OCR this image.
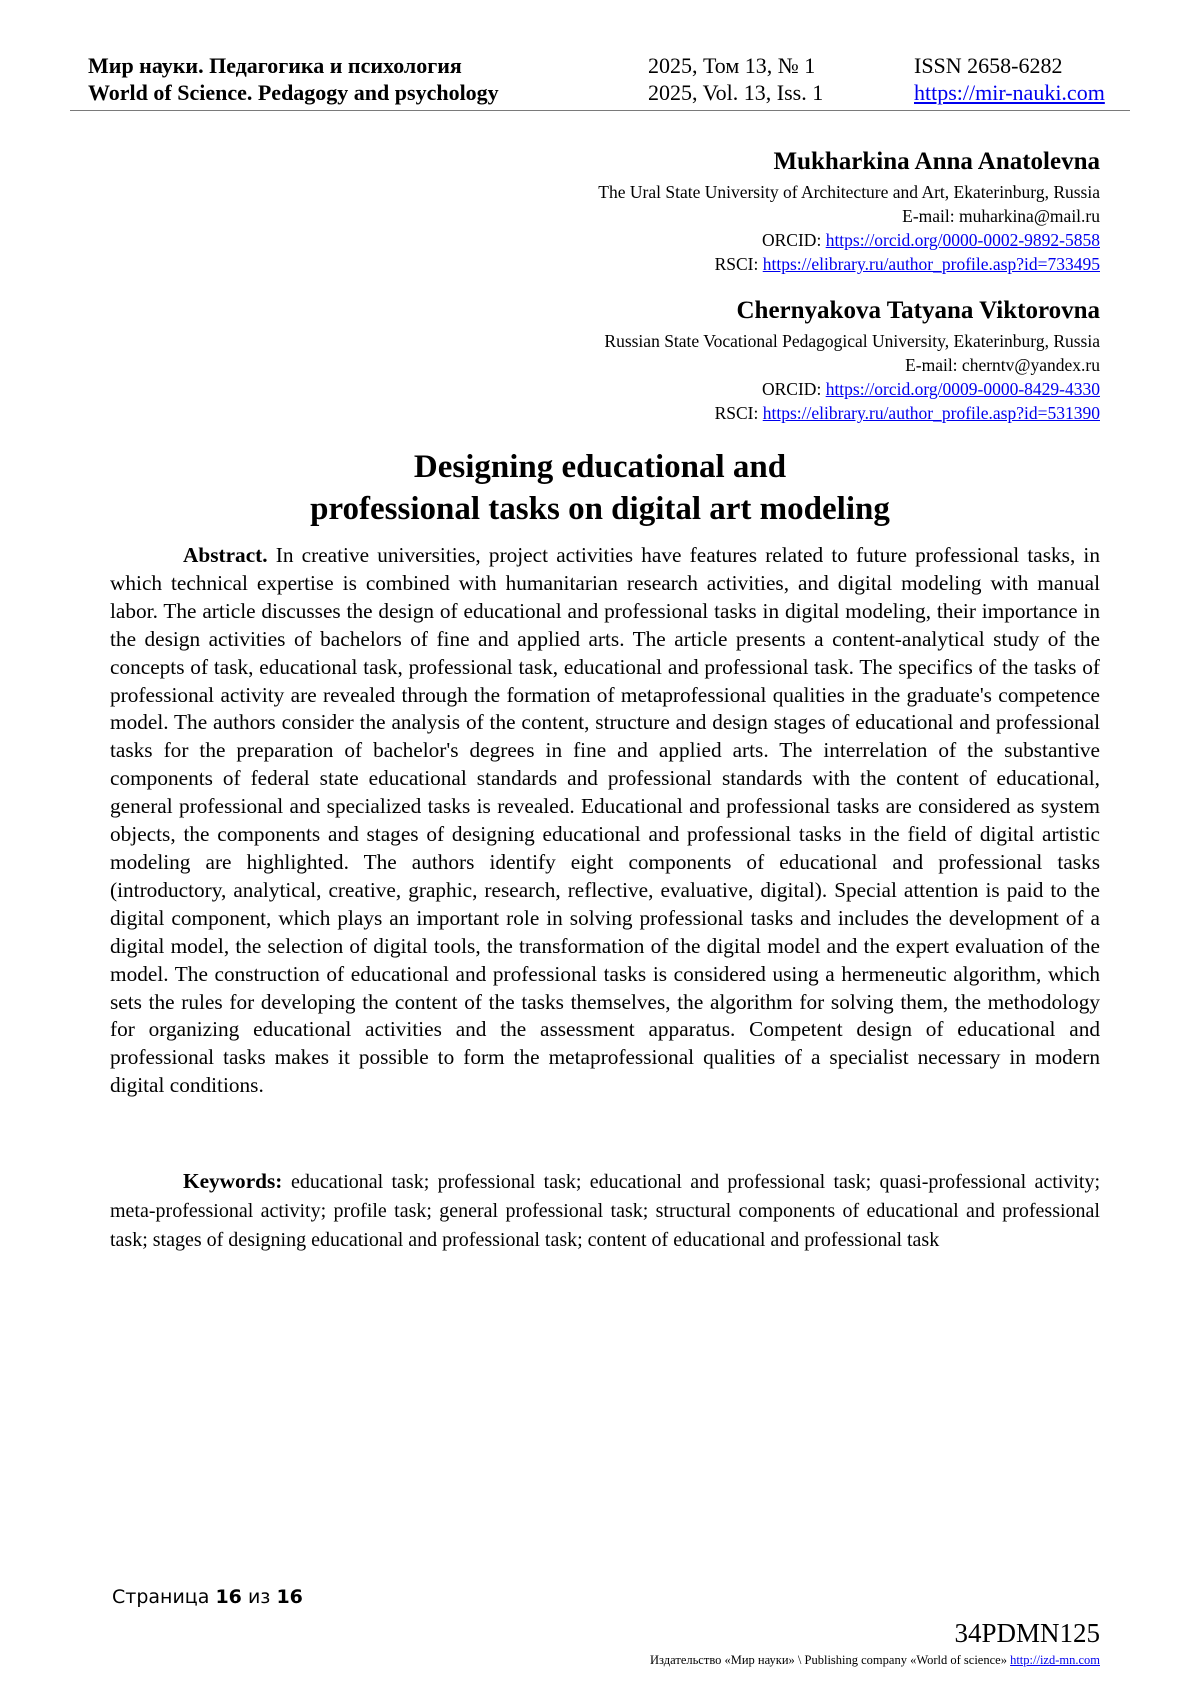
Мир науки. Педагогика и психология	2025, Том 13, № 1	ISSN 2658-6282
World of Science. Pedagogy and psychology	2025, Vol. 13, Iss. 1	https://mir-nauki.com
Mukharkina Anna Anatolevna
The Ural State University of Architecture and Art, Ekaterinburg, Russia
E-mail: muharkina@mail.ru
ORCID: https://orcid.org/0000-0002-9892-5858
RSCI: https://elibrary.ru/author_profile.asp?id=733495
Chernyakova Tatyana Viktorovna
Russian State Vocational Pedagogical University, Ekaterinburg, Russia
E-mail: cherntv@yandex.ru
ORCID: https://orcid.org/0009-0000-8429-4330
RSCI: https://elibrary.ru/author_profile.asp?id=531390
Designing educational and
professional tasks on digital art modeling

Abstract. In creative universities, project activities have features related to future professional tasks, in which technical expertise is combined with humanitarian research activities, and digital modeling with manual labor. The article discusses the design of educational and professional tasks in digital modeling, their importance in the design activities of bachelors of fine and applied arts. The article presents a content-analytical study of the concepts of task, educational task, professional task, educational and professional task. The specifics of the tasks of professional activity are revealed through the formation of metaprofessional qualities in the graduate's competence model. The authors consider the analysis of the content, structure and design stages of educational and professional tasks for the preparation of bachelor's degrees in fine and applied arts. The interrelation of the substantive components of federal state educational standards and professional standards with the content of educational, general professional and specialized tasks is revealed. Educational and professional tasks are considered as system objects, the components and stages of designing educational and professional tasks in the field of digital artistic modeling are highlighted. The authors identify eight components of educational and professional tasks (introductory, analytical, creative, graphic, research, reflective, evaluative, digital). Special attention is paid to the digital component, which plays an important role in solving professional tasks and includes the development of a digital model, the selection of digital tools, the transformation of the digital model and the expert evaluation of the model. The construction of educational and professional tasks is considered using a hermeneutic algorithm, which sets the rules for developing the content of the tasks themselves, the algorithm for solving them, the methodology for organizing educational activities and the assessment apparatus. Competent design of educational and professional tasks makes it possible to form the metaprofessional qualities of a specialist necessary in modern digital conditions.

Keywords: educational task; professional task; educational and professional task; quasi-professional activity; meta-professional activity; profile task; general professional task; structural components of educational and professional task; stages of designing educational and professional task; content of educational and professional task

Страница 16 из 16
34PDMN125
Издательство «Мир науки» \ Publishing company «World of science» http://izd-mn.com
